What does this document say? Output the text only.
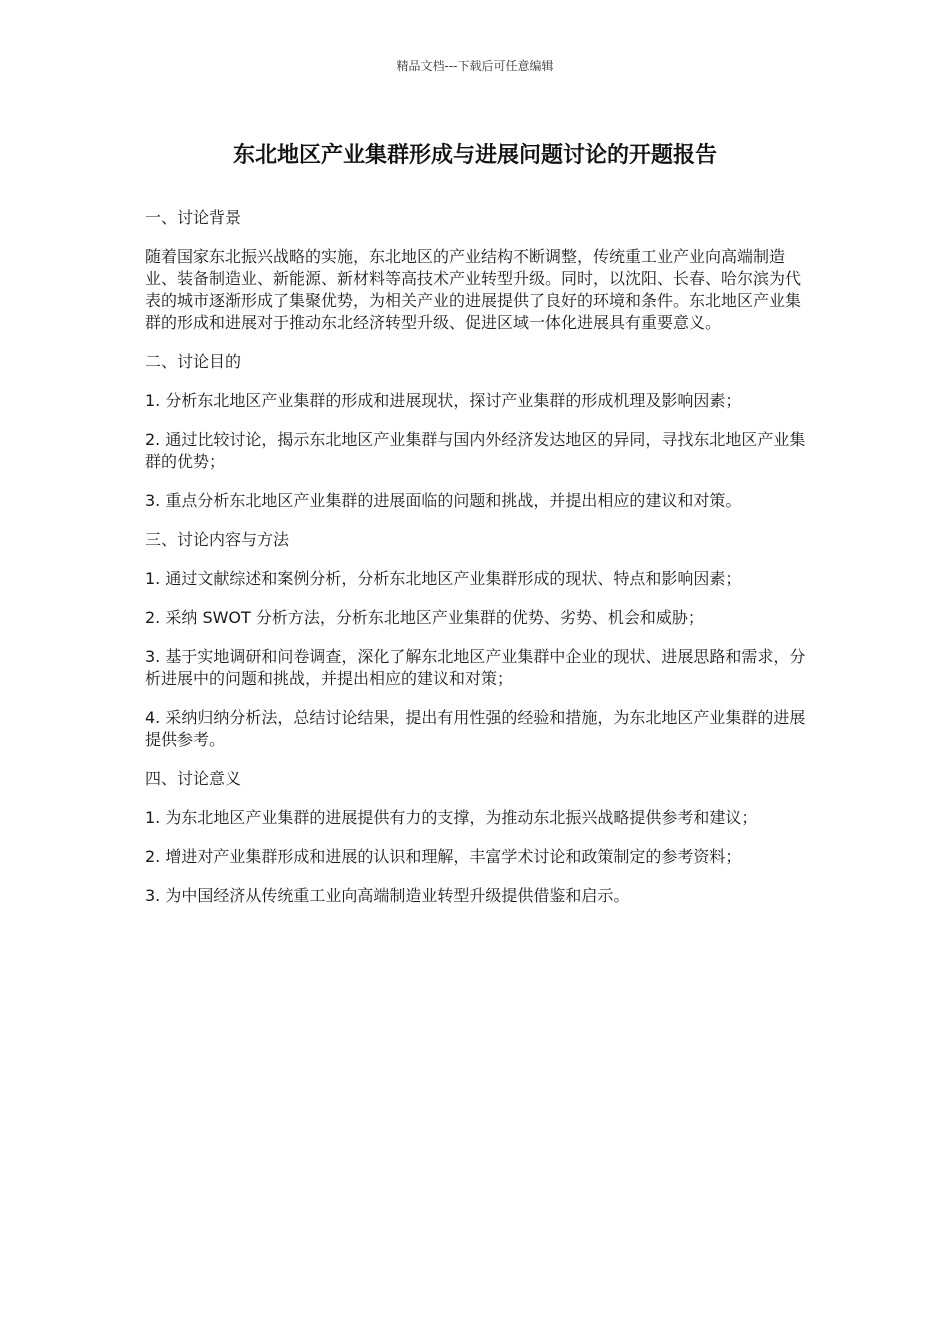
精品文档---下载后可任意编辑
东北地区产业集群形成与进展问题讨论的开题报告

一、讨论背景

随着国家东北振兴战略的实施，东北地区的产业结构不断调整，传统重工业产业向高端制造业、装备制造业、新能源、新材料等高技术产业转型升级。同时，以沈阳、长春、哈尔滨为代表的城市逐渐形成了集聚优势，为相关产业的进展提供了良好的环境和条件。东北地区产业集群的形成和进展对于推动东北经济转型升级、促进区域一体化进展具有重要意义。

二、讨论目的

1. 分析东北地区产业集群的形成和进展现状，探讨产业集群的形成机理及影响因素；

2. 通过比较讨论，揭示东北地区产业集群与国内外经济发达地区的异同，寻找东北地区产业集群的优势；

3. 重点分析东北地区产业集群的进展面临的问题和挑战，并提出相应的建议和对策。

三、讨论内容与方法

1. 通过文献综述和案例分析，分析东北地区产业集群形成的现状、特点和影响因素；

2. 采纳 SWOT 分析方法，分析东北地区产业集群的优势、劣势、机会和威胁；

3. 基于实地调研和问卷调查，深化了解东北地区产业集群中企业的现状、进展思路和需求，分析进展中的问题和挑战，并提出相应的建议和对策；

4. 采纳归纳分析法，总结讨论结果，提出有用性强的经验和措施，为东北地区产业集群的进展提供参考。

四、讨论意义

1. 为东北地区产业集群的进展提供有力的支撑，为推动东北振兴战略提供参考和建议；

2. 增进对产业集群形成和进展的认识和理解，丰富学术讨论和政策制定的参考资料；

3. 为中国经济从传统重工业向高端制造业转型升级提供借鉴和启示。
